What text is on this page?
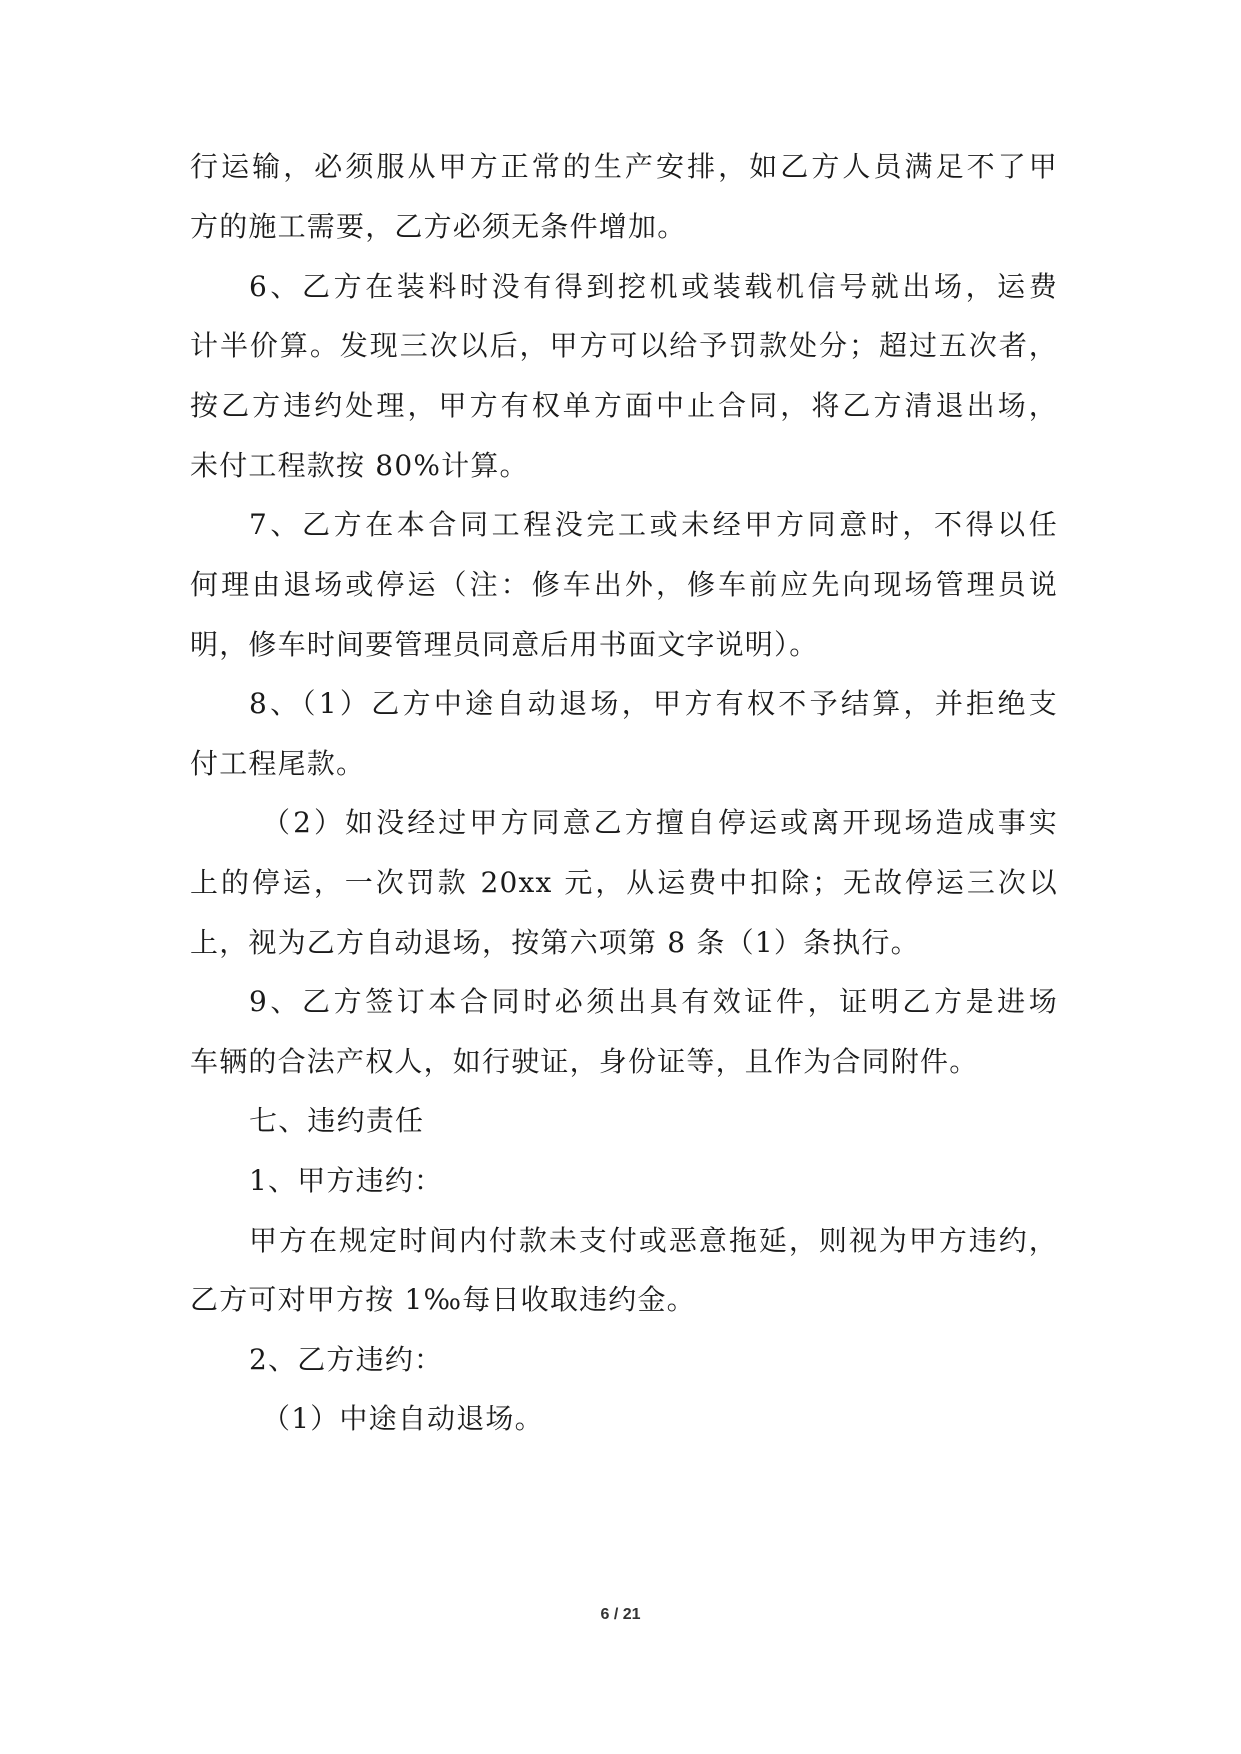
行运输，必须服从甲方正常的生产安排，如乙方人员满足不了甲
方的施工需要，乙方必须无条件增加。
6、乙方在装料时没有得到挖机或装载机信号就出场，运费
计半价算。发现三次以后，甲方可以给予罚款处分；超过五次者，
按乙方违约处理，甲方有权单方面中止合同，将乙方清退出场，
未付工程款按 80%计算。
7、乙方在本合同工程没完工或未经甲方同意时，不得以任
何理由退场或停运（注：修车出外，修车前应先向现场管理员说
明，修车时间要管理员同意后用书面文字说明）。
8、（1）乙方中途自动退场，甲方有权不予结算，并拒绝支
付工程尾款。
（2）如没经过甲方同意乙方擅自停运或离开现场造成事实
上的停运，一次罚款 20xx 元，从运费中扣除；无故停运三次以
上，视为乙方自动退场，按第六项第 8 条（1）条执行。
9、乙方签订本合同时必须出具有效证件，证明乙方是进场
车辆的合法产权人，如行驶证，身份证等，且作为合同附件。
七、违约责任
1、甲方违约：
甲方在规定时间内付款未支付或恶意拖延，则视为甲方违约，
乙方可对甲方按 1‰每日收取违约金。
2、乙方违约：
（1）中途自动退场。
6 / 21
